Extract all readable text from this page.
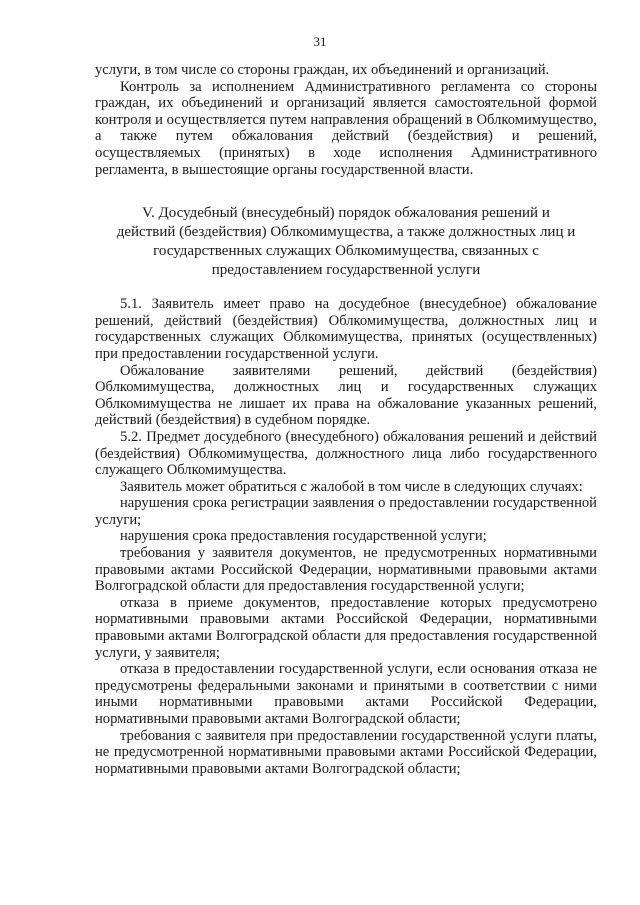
31

услуги, в том числе со стороны граждан, их объединений и организаций.

Контроль за исполнением Административного регламента со стороны граждан, их объединений и организаций является самостоятельной формой контроля и осуществляется путем направления обращений в Облкомимущество, а также путем обжалования действий (бездействия) и решений, осуществляемых (принятых) в ходе исполнения Административного регламента, в вышестоящие органы государственной власти.

V. Досудебный (внесудебный) порядок обжалования решений и действий (бездействия) Облкомимущества, а также должностных лиц и государственных служащих Облкомимущества, связанных с предоставлением государственной услуги

5.1. Заявитель имеет право на досудебное (внесудебное) обжалование решений, действий (бездействия) Облкомимущества, должностных лиц и государственных служащих Облкомимущества, принятых (осуществленных) при предоставлении государственной услуги.

Обжалование заявителями решений, действий (бездействия) Облкомимущества, должностных лиц и государственных служащих Облкомимущества не лишает их права на обжалование указанных решений, действий (бездействия) в судебном порядке.

5.2. Предмет досудебного (внесудебного) обжалования решений и действий (бездействия) Облкомимущества, должностного лица либо государственного служащего Облкомимущества.

Заявитель может обратиться с жалобой в том числе в следующих случаях:

нарушения срока регистрации заявления о предоставлении государственной услуги;

нарушения срока предоставления государственной услуги;

требования у заявителя документов, не предусмотренных нормативными правовыми актами Российской Федерации, нормативными правовыми актами Волгоградской области для предоставления государственной услуги;

отказа в приеме документов, предоставление которых предусмотрено нормативными правовыми актами Российской Федерации, нормативными правовыми актами Волгоградской области для предоставления государственной услуги, у заявителя;

отказа в предоставлении государственной услуги, если основания отказа не предусмотрены федеральными законами и принятыми в соответствии с ними иными нормативными правовыми актами Российской Федерации, нормативными правовыми актами Волгоградской области;

требования с заявителя при предоставлении государственной услуги платы, не предусмотренной нормативными правовыми актами Российской Федерации, нормативными правовыми актами Волгоградской области;
